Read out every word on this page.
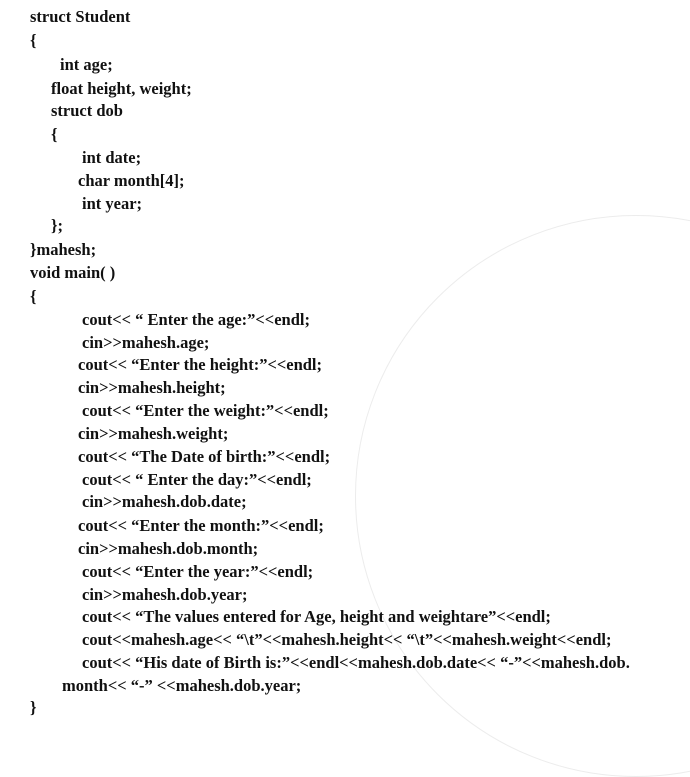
struct Student
{
int age;
float height, weight;
struct dob
{
int date;
char month[4];
int year;
};
}mahesh;
void main( )
{
cout<< “ Enter the age:”<<endl;
cin>>mahesh.age;
cout<< “Enter the height:”<<endl;
cin>>mahesh.height;
cout<< “Enter the weight:”<<endl;
cin>>mahesh.weight;
cout<< “The Date of birth:”<<endl;
cout<< “ Enter the day:”<<endl;
cin>>mahesh.dob.date;
cout<< “Enter the month:”<<endl;
cin>>mahesh.dob.month;
cout<< “Enter the year:”<<endl;
cin>>mahesh.dob.year;
cout<< “The values entered for Age, height and weightare”<<endl;
cout<<mahesh.age<< “\t”<<mahesh.height<< “\t”<<mahesh.weight<<endl;
cout<< “His date of Birth is:”<<endl<<mahesh.dob.date<< “-”<<mahesh.dob.
month<< “-” <<mahesh.dob.year;
}
